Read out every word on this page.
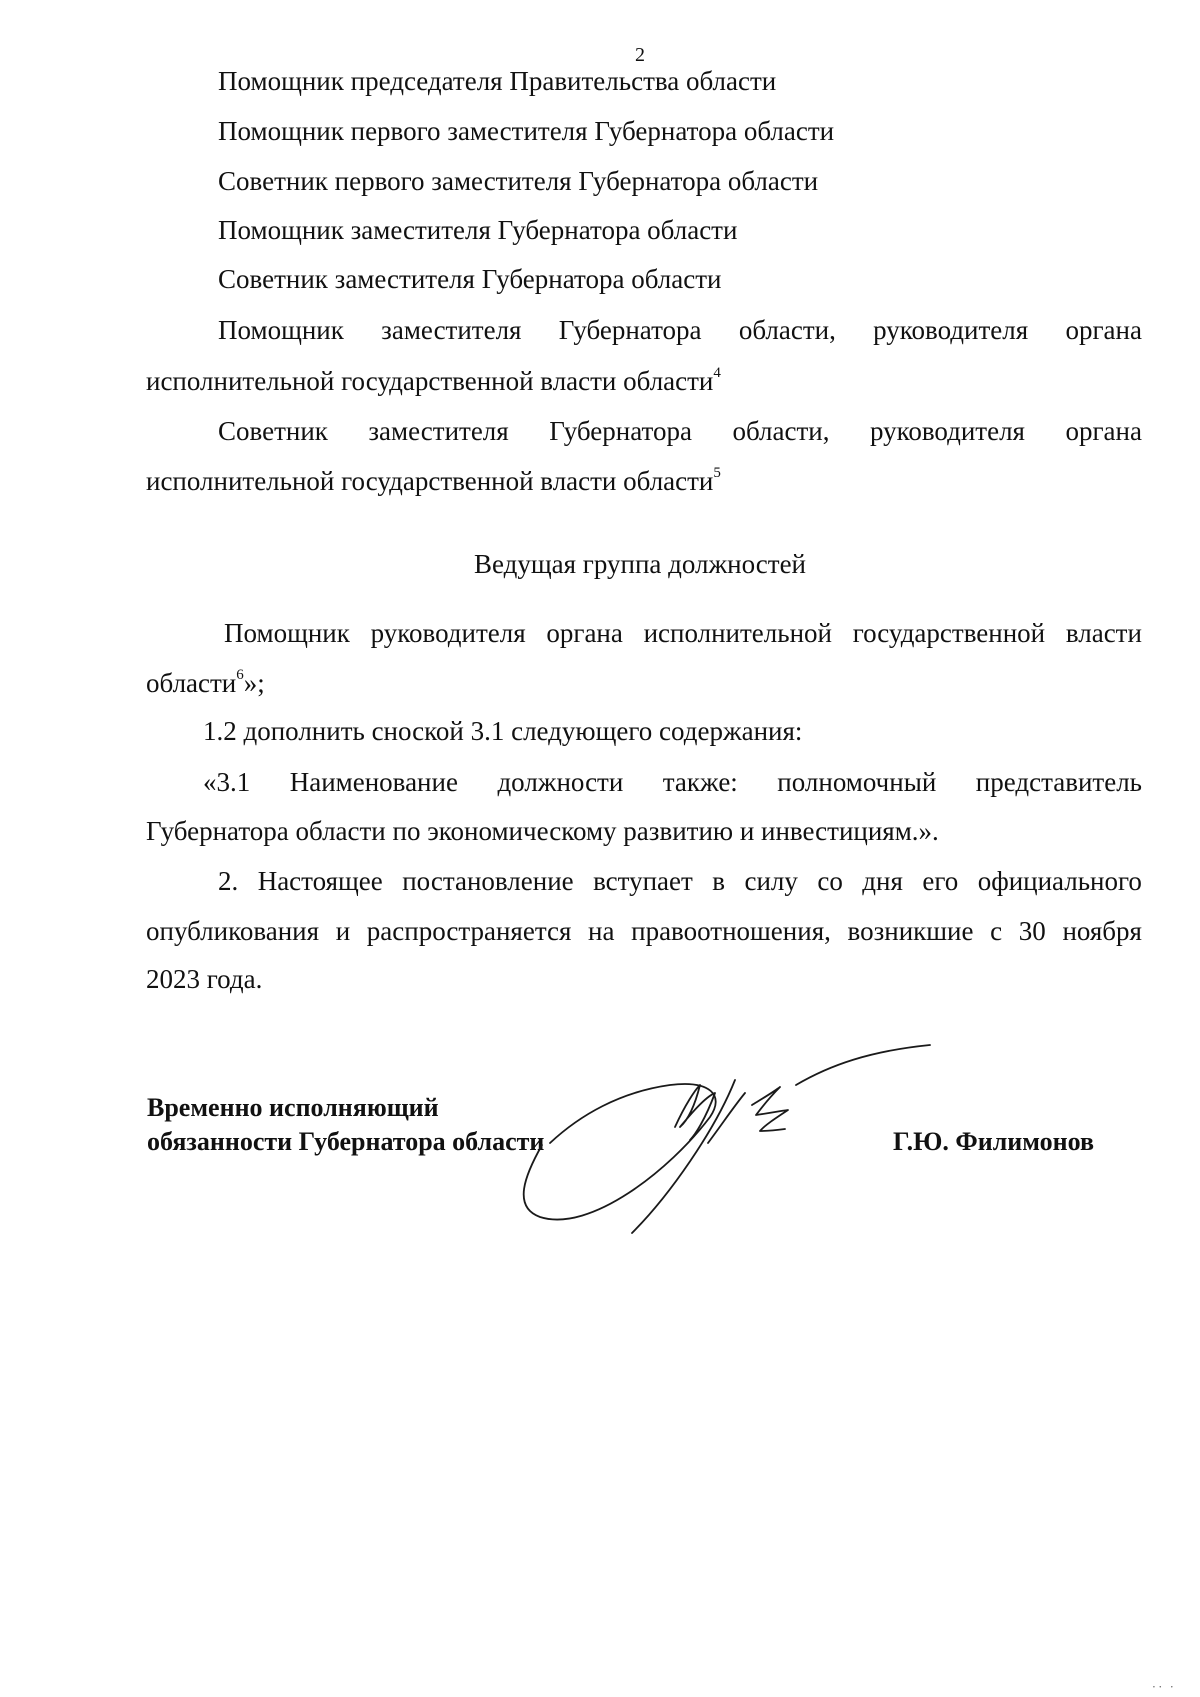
2
Помощник председателя Правительства области
Помощник первого заместителя Губернатора области
Советник первого заместителя Губернатора области
Помощник заместителя Губернатора области
Советник заместителя Губернатора области
Помощник заместителя Губернатора области, руководителя органа
исполнительной государственной власти области$^4$
Советник заместителя Губернатора области, руководителя органа
исполнительной государственной власти области$^5$
Ведущая группа должностей
Помощник руководителя органа исполнительной государственной власти
области$^6$»;
1.2 дополнить сноской 3.1 следующего содержания:
«3.1 Наименование должности также: полномочный представитель
Губернатора области по экономическому развитию и инвестициям.».
2. Настоящее постановление вступает в силу со дня его официального
опубликования и распространяется на правоотношения, возникшие с 30 ноября
2023 года.
Временно исполняющий
обязанности Губернатора области	Г.Ю. Филимонов
·· ·
